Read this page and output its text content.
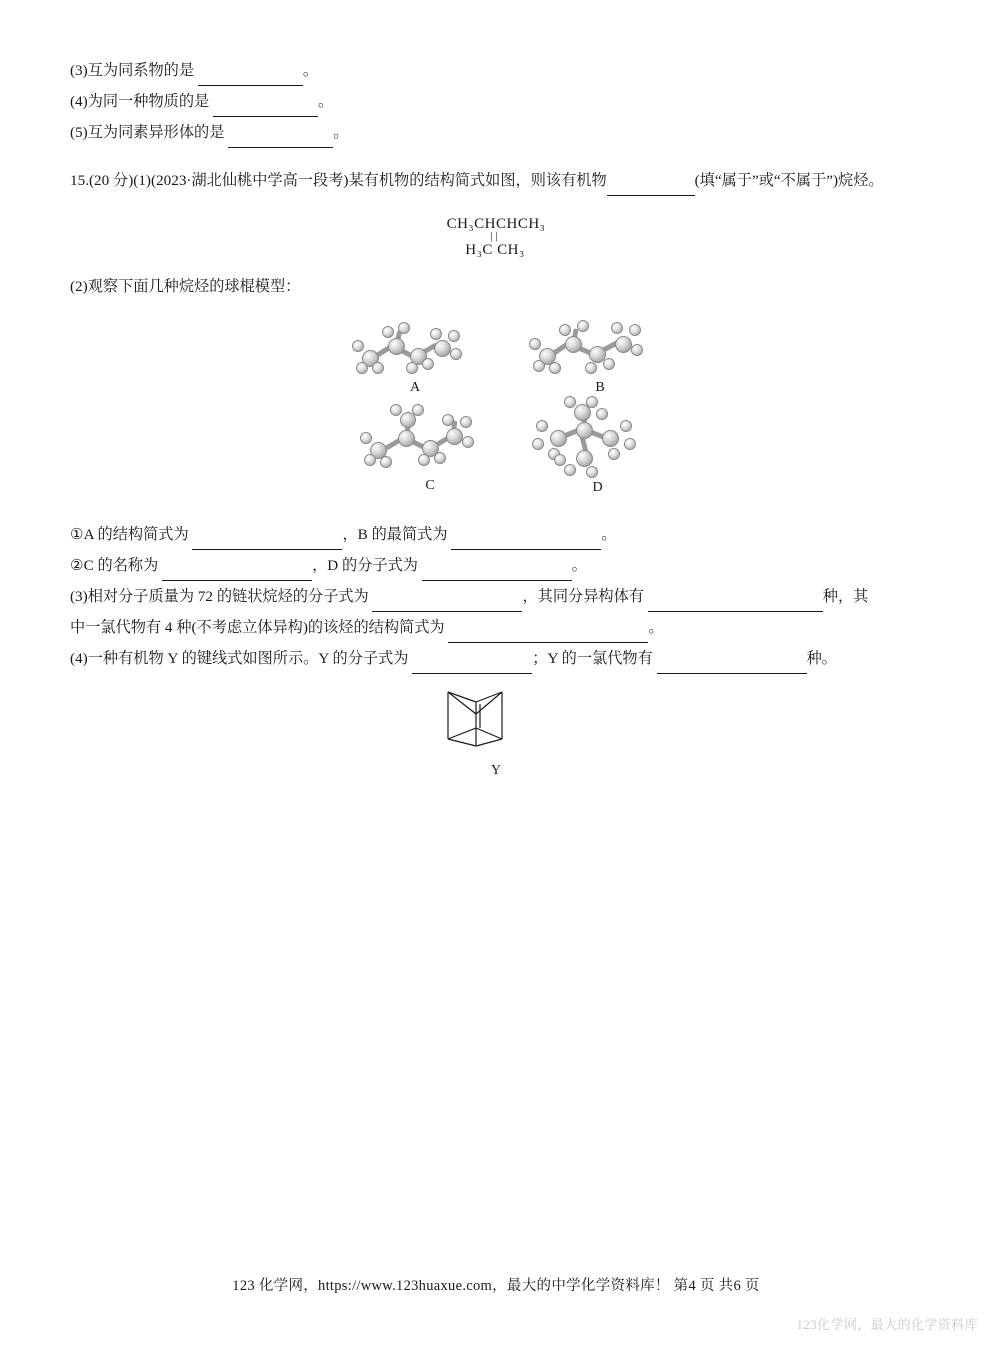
(3)互为同系物的是	。
(4)为同一种物质的是	。
(5)互为同素异形体的是	。
15.(20 分)(1)(2023·湖北仙桃中学高一段考)某有机物的结构简式如图，则该有机物	(填“属于”或“不属于”)烷烃。
CH₃CHCHCH₃
| |
H₃C CH₃
(2)观察下面几种烷烃的球棍模型：
A	B
C	D
①A 的结构简式为	，B 的最简式为	。
②C 的名称为	，D 的分子式为	。
(3)相对分子质量为 72 的链状烷烃的分子式为	，其同分异构体有	种，其
中一氯代物有 4 种(不考虑立体异构)的该烃的结构简式为	。
(4)一种有机物 Y 的键线式如图所示。Y 的分子式为	；Y 的一氯代物有	种。
Y
123 化学网，https://www.123huaxue.com，最大的中学化学资料库！ 第4 页 共6 页
123化学网，最大的化学资料库
